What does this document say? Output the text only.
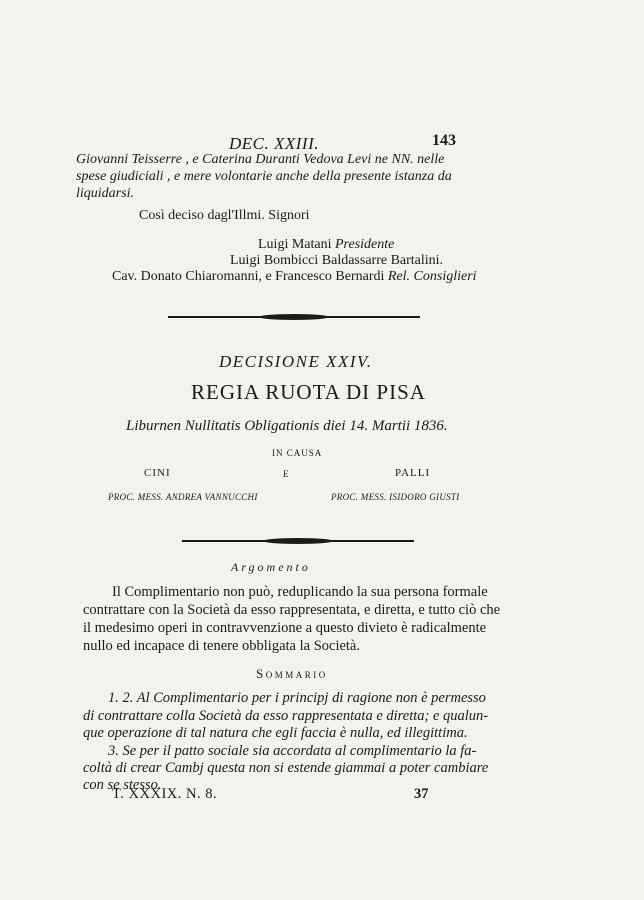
DEC. XXIII.	143
Giovanni Teisserre , e Caterina Duranti Vedova Levi ne NN. nelle
spese giudiciali , e mere volontarie anche della presente istanza da
liquidarsi.
Così deciso dagl'Illmi. Signori
Luigi Matani Presidente
Luigi Bombicci Baldassarre Bartalini.
Cav. Donato Chiaromanni, e Francesco Bernardi Rel. Consiglieri
DECISIONE XXIV.
REGIA RUOTA DI PISA
Liburnen Nullitatis Obligationis diei 14. Martii 1836.
IN CAUSA
CINI	E	PALLI
PROC. MESS. ANDREA VANNUCCHI	PROC. MESS. ISIDORO GIUSTI
Argomento
Il Complimentario non può, reduplicando la sua persona formale
contrattare con la Società da esso rappresentata, e diretta, e tutto ciò che
il medesimo operi in contravvenzione a questo divieto è radicalmente
nullo ed incapace di tenere obbligata la Società.
Sommario
1. 2. Al Complimentario per i principj di ragione non è permesso
di contrattare colla Società da esso rappresentata e diretta; e qualun-
que operazione di tal natura che egli faccia è nulla, ed illegittima.
3. Se per il patto sociale sia accordata al complimentario la fa-
coltà di crear Cambj questa non si estende giammai a poter cambiare
con se stesso.
T. XXXIX. N. 8.	37
